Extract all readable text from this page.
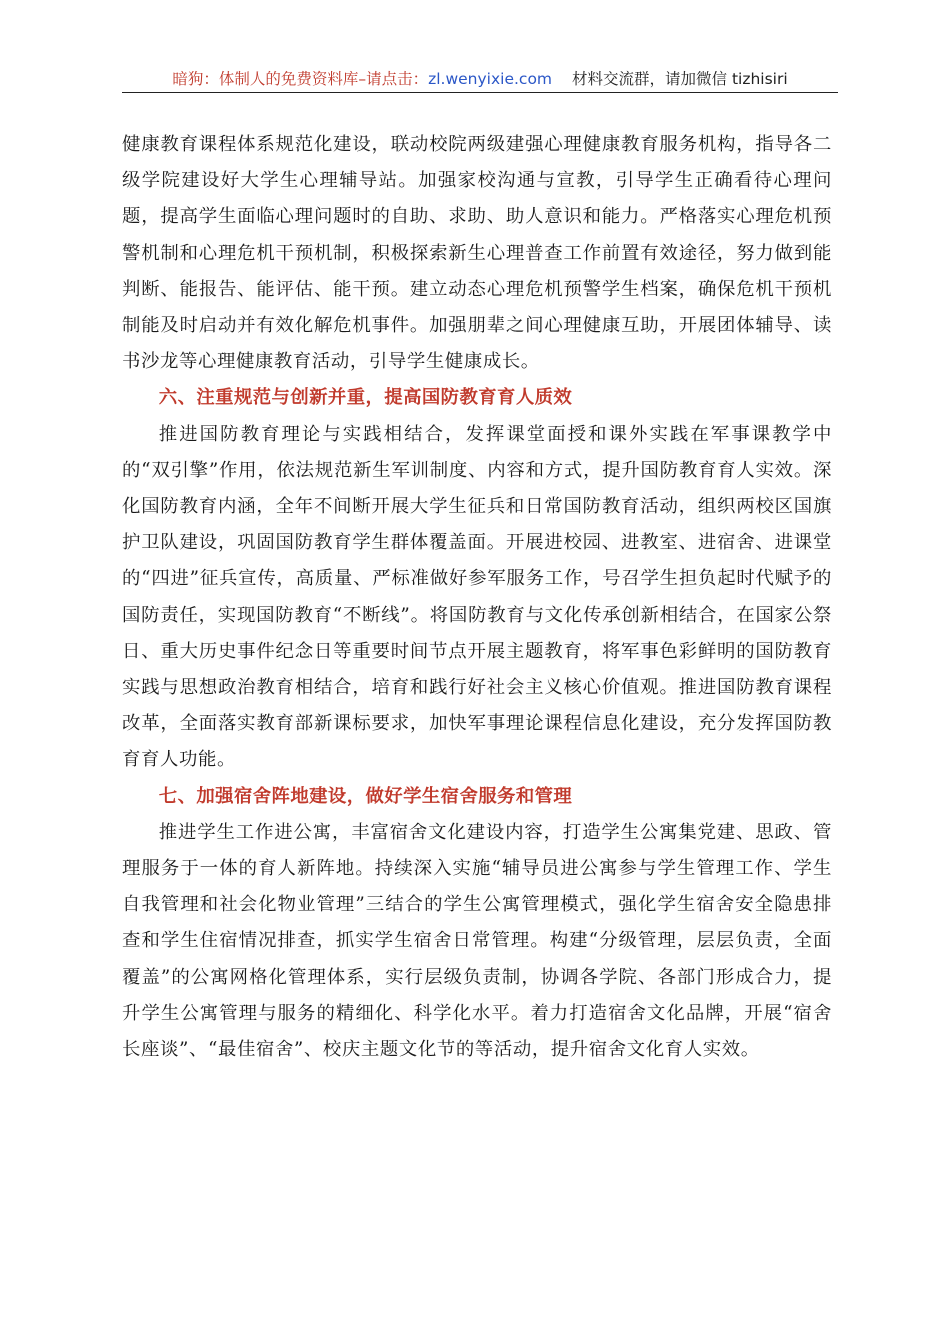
暗狗：体制人的免费资料库–请点击：zl.wenyixie.com 材料交流群，请加微信 tizhisiri

健康教育课程体系规范化建设，联动校院两级建强心理健康教育服务机构，指导各二级学院建设好大学生心理辅导站。加强家校沟通与宣教，引导学生正确看待心理问题，提高学生面临心理问题时的自助、求助、助人意识和能力。严格落实心理危机预警机制和心理危机干预机制，积极探索新生心理普查工作前置有效途径，努力做到能判断、能报告、能评估、能干预。建立动态心理危机预警学生档案，确保危机干预机制能及时启动并有效化解危机事件。加强朋辈之间心理健康互助，开展团体辅导、读书沙龙等心理健康教育活动，引导学生健康成长。

六、注重规范与创新并重，提高国防教育育人质效

推进国防教育理论与实践相结合，发挥课堂面授和课外实践在军事课教学中的“双引擎”作用，依法规范新生军训制度、内容和方式，提升国防教育育人实效。深化国防教育内涵，全年不间断开展大学生征兵和日常国防教育活动，组织两校区国旗护卫队建设，巩固国防教育学生群体覆盖面。开展进校园、进教室、进宿舍、进课堂的“四进”征兵宣传，高质量、严标准做好参军服务工作，号召学生担负起时代赋予的国防责任，实现国防教育“不断线”。将国防教育与文化传承创新相结合，在国家公祭日、重大历史事件纪念日等重要时间节点开展主题教育，将军事色彩鲜明的国防教育实践与思想政治教育相结合，培育和践行好社会主义核心价值观。推进国防教育课程改革，全面落实教育部新课标要求，加快军事理论课程信息化建设，充分发挥国防教育育人功能。

七、加强宿舍阵地建设，做好学生宿舍服务和管理

推进学生工作进公寓，丰富宿舍文化建设内容，打造学生公寓集党建、思政、管理服务于一体的育人新阵地。持续深入实施“辅导员进公寓参与学生管理工作、学生自我管理和社会化物业管理”三结合的学生公寓管理模式，强化学生宿舍安全隐患排查和学生住宿情况排查，抓实学生宿舍日常管理。构建“分级管理，层层负责，全面覆盖”的公寓网格化管理体系，实行层级负责制，协调各学院、各部门形成合力，提升学生公寓管理与服务的精细化、科学化水平。着力打造宿舍文化品牌，开展“宿舍长座谈”、“最佳宿舍”、校庆主题文化节的等活动，提升宿舍文化育人实效。
